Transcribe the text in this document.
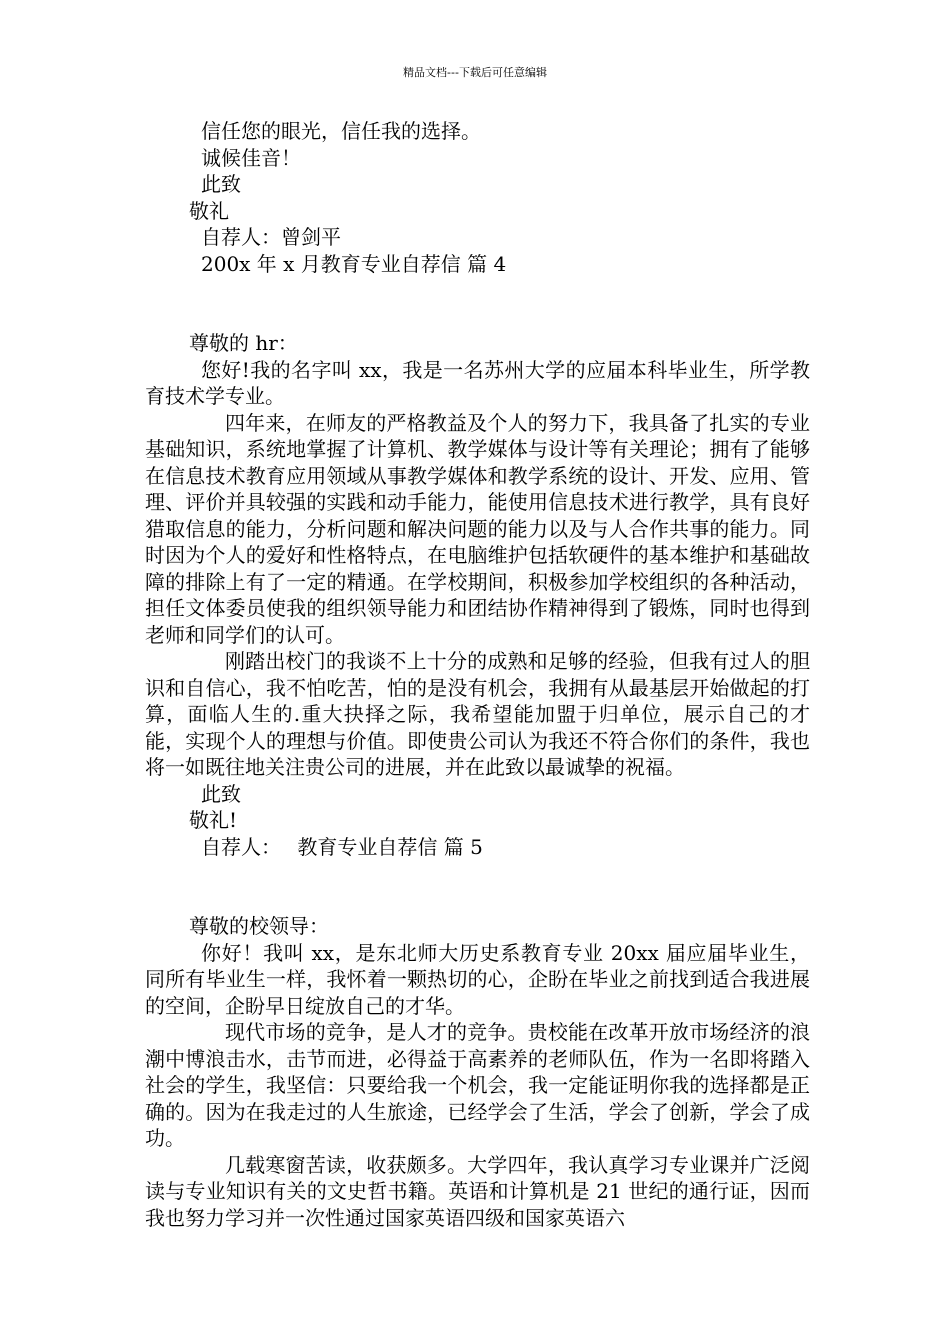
精品文档---下载后可任意编辑
信任您的眼光，信任我的选择。
诚候佳音！
此致
敬礼
自荐人：曾剑平
200x 年 x 月教育专业自荐信 篇 4
尊敬的 hr：

您好!我的名字叫 xx，我是一名苏州大学的应届本科毕业生，所学教育技术学专业。

四年来，在师友的严格教益及个人的努力下，我具备了扎实的专业基础知识，系统地掌握了计算机、教学媒体与设计等有关理论；拥有了能够在信息技术教育应用领域从事教学媒体和教学系统的设计、开发、应用、管理、评价并具较强的实践和动手能力，能使用信息技术进行教学，具有良好猎取信息的能力，分析问题和解决问题的能力以及与人合作共事的能力。同时因为个人的爱好和性格特点，在电脑维护包括软硬件的基本维护和基础故障的排除上有了一定的精通。在学校期间，积极参加学校组织的各种活动，担任文体委员使我的组织领导能力和团结协作精神得到了锻炼，同时也得到老师和同学们的认可。

刚踏出校门的我谈不上十分的成熟和足够的经验，但我有过人的胆识和自信心，我不怕吃苦，怕的是没有机会，我拥有从最基层开始做起的打算，面临人生的.重大抉择之际，我希望能加盟于归单位，展示自己的才能，实现个人的理想与价值。即使贵公司认为我还不符合你们的条件，我也将一如既往地关注贵公司的进展，并在此致以最诚挚的祝福。

此致
敬礼!
自荐人：　 教育专业自荐信 篇 5
尊敬的校领导：

你好！我叫 xx，是东北师大历史系教育专业 20xx 届应届毕业生，同所有毕业生一样，我怀着一颗热切的心，企盼在毕业之前找到适合我进展的空间，企盼早日绽放自己的才华。

现代市场的竞争，是人才的竞争。贵校能在改革开放市场经济的浪潮中博浪击水，击节而进，必得益于高素养的老师队伍，作为一名即将踏入社会的学生，我坚信：只要给我一个机会，我一定能证明你我的选择都是正确的。因为在我走过的人生旅途，已经学会了生活，学会了创新，学会了成功。

几载寒窗苦读，收获颇多。大学四年，我认真学习专业课并广泛阅读与专业知识有关的文史哲书籍。英语和计算机是 21 世纪的通行证，因而我也努力学习并一次性通过国家英语四级和国家英语六
